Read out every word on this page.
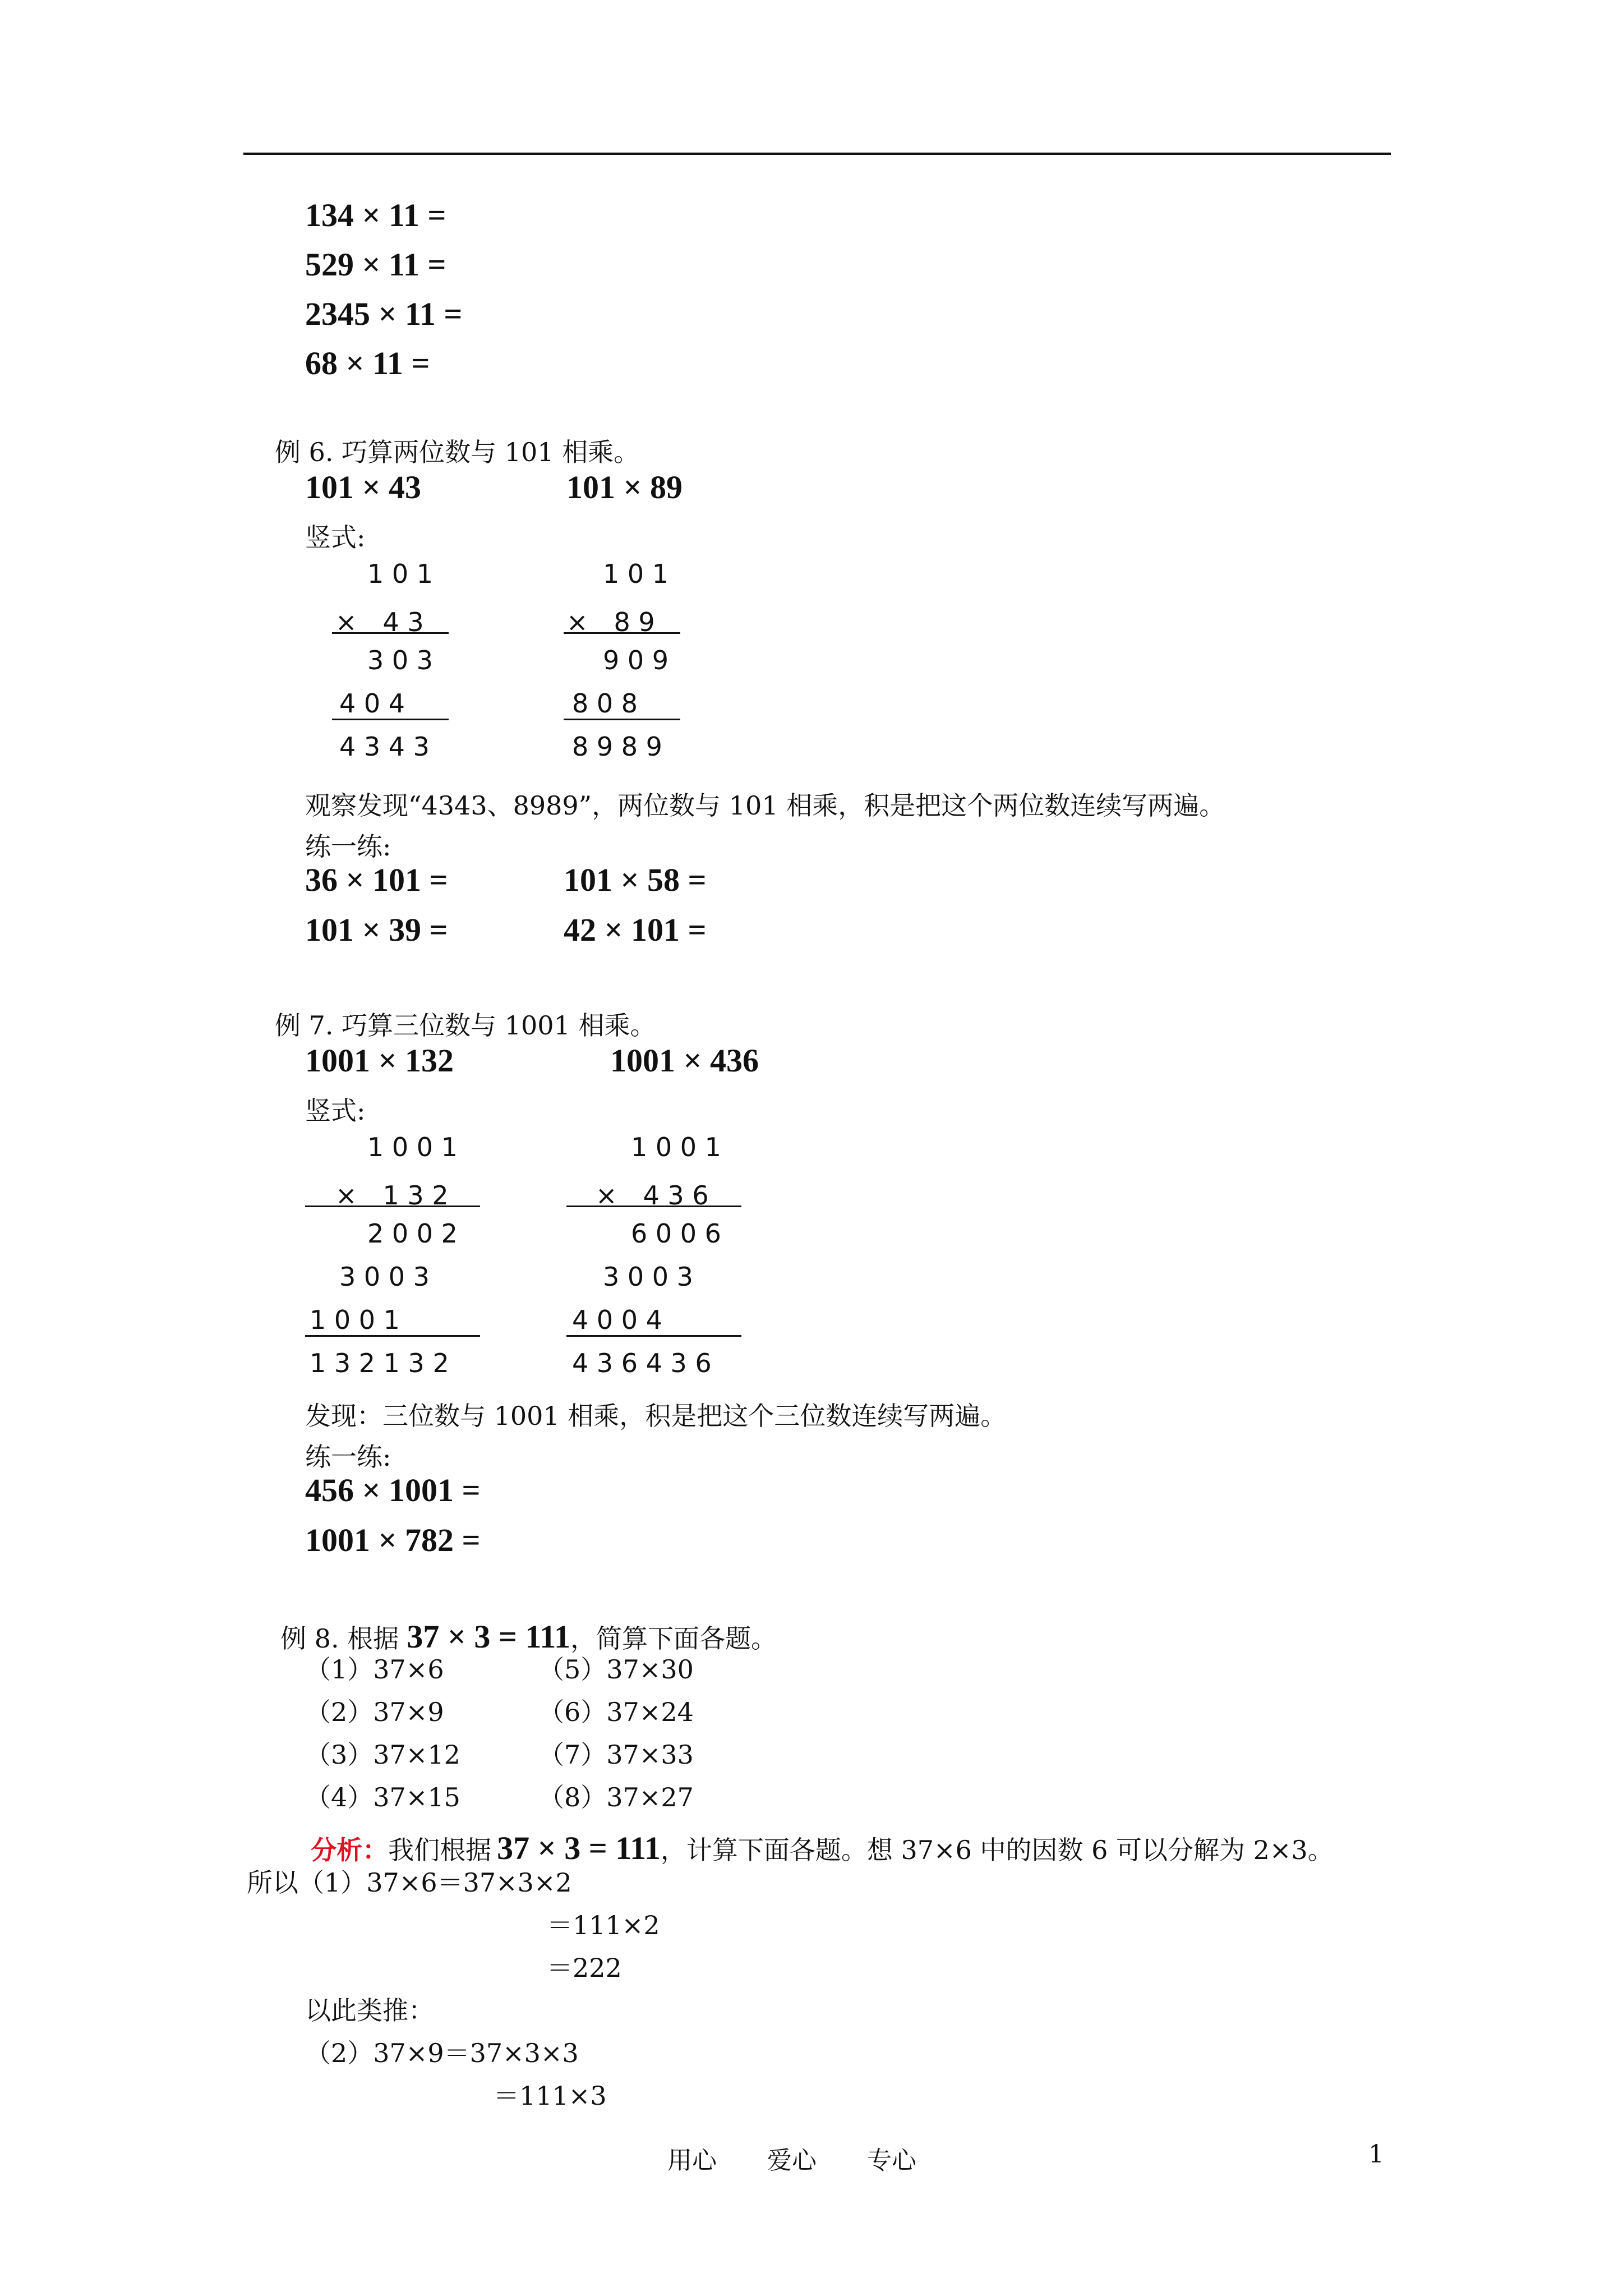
134 × 11 =
529 × 11 =
2345 × 11 =
68 × 11 =
例 6. 巧算两位数与 101 相乘。
101 × 43	101 × 89
竖式:
1 0 1
×　4 3
3 0 3
4 0 4
4 3 4 3
1 0 1
×　8 9
9 0 9
8 0 8
8 9 8 9
观察发现“4343、8989”，两位数与 101 相乘，积是把这个两位数连续写两遍。
练一练:
36 × 101 =	101 × 58 =
101 × 39 =	42 × 101 =
例 7. 巧算三位数与 1001 相乘。
1001 × 132	1001 × 436
竖式:
1 0 0 1
×　1 3 2
2 0 0 2
3 0 0 3
1 0 0 1
1 3 2 1 3 2
1 0 0 1
×　4 3 6
6 0 0 6
3 0 0 3
4 0 0 4
4 3 6 4 3 6
发现：三位数与 1001 相乘，积是把这个三位数连续写两遍。
练一练:
456 × 1001 =
1001 × 782 =

例 8. 根据 37 × 3 = 111，简算下面各题。

（1）37×6
（2）37×9
（3）37×12
（4）37×15
（5）37×30
（6）37×24
（7）37×33
（8）37×27

分析：我们根据 37 × 3 = 111，计算下面各题。想 37×6 中的因数 6 可以分解为 2×3。

所以（1）37×6＝37×3×2
＝111×2
＝222
以此类推：
（2）37×9＝37×3×3
＝111×3
用心 爱心 专心	1
